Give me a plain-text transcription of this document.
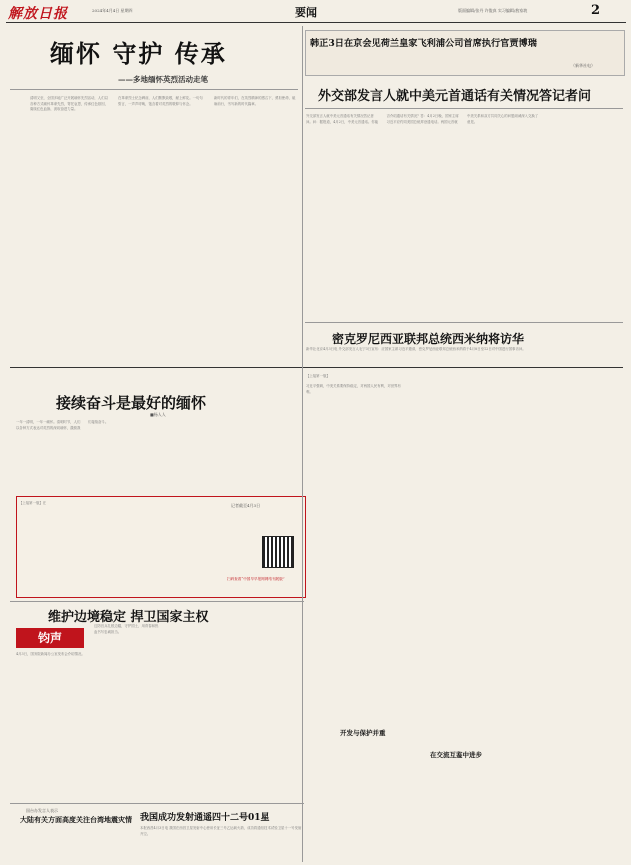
解放日报	2024年4月4日 星期四	要闻	版面编辑/张丹 许俊真 实习编辑/敖家坡	2
缅怀 守护 传承
——多地缅怀英烈活动走笔
清明又至，全国多地广泛开展缅怀先烈活动，人们以各种方式缅怀革命先烈，寄托哀思，传承红色基因，赓续红色血脉，汲取奋进力量。
在革命烈士纪念碑前，人们默默致敬，献上鲜花。一句句誓言，一声声呼唤，饱含着对英烈的敬仰与怀念。
新时代的青年们，在英烈精神的感召下，勇担使命，砥砺前行，书写新的时代篇章。
韩正3日在京会见荷兰皇家飞利浦公司首席执行官贾博瑞
（新华社电）
外交部发言人就中美元首通话有关情况答记者问
外交部发言人就中美元首通话有关情况答记者问。问：据报道，4月2日，中美元首通话。你能否介绍通话有关情况？答：4月2日晚，国家主席习近平应约同美国总统拜登通电话。两国元首就中美关系和双方共同关心的问题坦诚深入交换了意见。
密克罗尼西亚联邦总统西米纳将访华
新华社北京4月3日电 外交部发言人毛宁3日宣布：应国家主席习近平邀请，密克罗尼西亚联邦总统西米纳将于4月8日至12日对中国进行国事访问。
接续奋斗是最好的缅怀
■杨人人
一年一清明，一年一缅怀。清明时节，人们以各种方式表达对英烈的深切缅怀，激励我们接续奋斗。
【上接第一版】在	记者截至4月3日
扫码查看“中国早早报网网络刊展版”
【上接第一版】
习近平强调，中美关系要保持稳定，对两国人民有利，对世界有利。
维护边境稳定 捍卫国家主权
钧声
4月3日，国务院新闻办公室发布会介绍情况。
边防官兵扎根边疆，守护国土，用青春和热血书写忠诚担当。
国台办发言人表示
大陆有关方面高度关注台湾地震灾情 我国成功发射通遥四十二号01星
本报西昌4月3日电 我国在西昌卫星发射中心使用长征三号乙运载火箭，成功将通信技术试验卫星十一号发射升空。
开发与保护并重
在交流互鉴中进步
